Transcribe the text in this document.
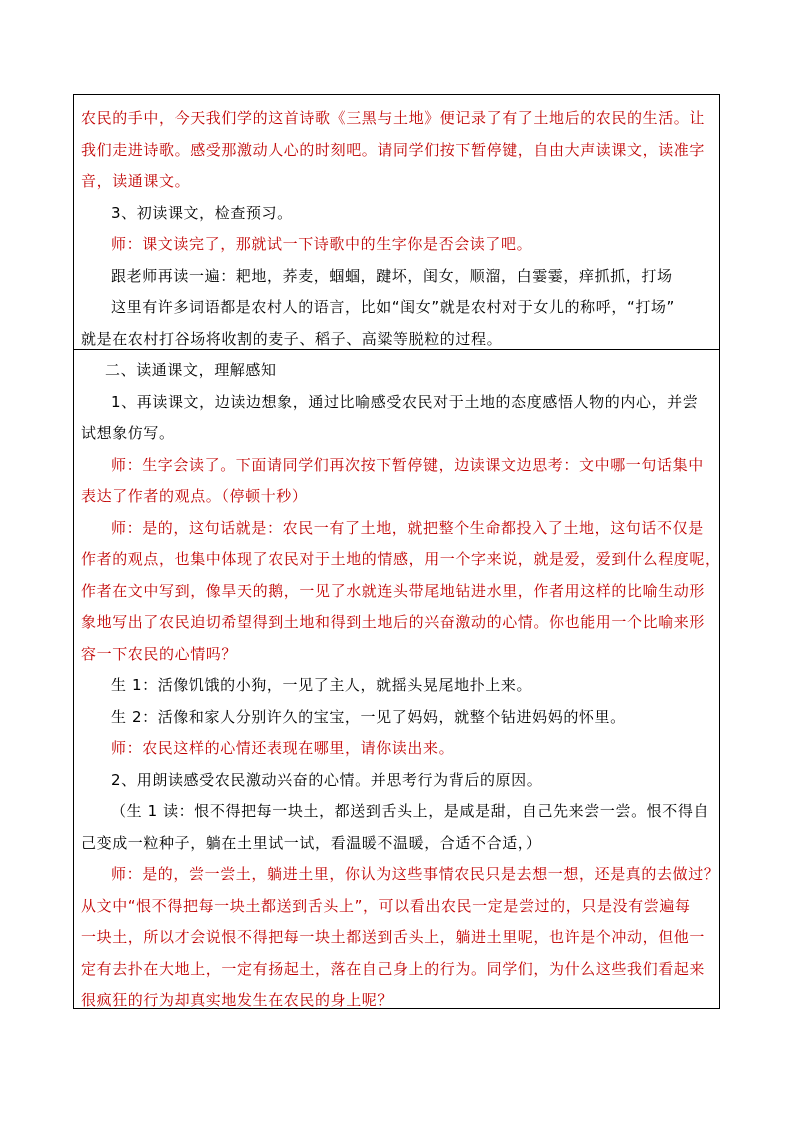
农民的手中，今天我们学的这首诗歌《三黑与土地》便记录了有了土地后的农民的生活。让
我们走进诗歌。感受那激动人心的时刻吧。请同学们按下暂停键，自由大声读课文，读准字
音，读通课文。
3、初读课文，检查预习。
师：课文读完了，那就试一下诗歌中的生字你是否会读了吧。
跟老师再读一遍：耙地，荞麦，蝈蝈，踺坏，闺女，顺溜，白霎霎，痒抓抓，打场
这里有许多词语都是农村人的语言，比如“闺女”就是农村对于女儿的称呼，“打场”
就是在农村打谷场将收割的麦子、稻子、高粱等脱粒的过程。
二、读通课文，理解感知
1、再读课文，边读边想象，通过比喻感受农民对于土地的态度感悟人物的内心，并尝
试想象仿写。
师：生字会读了。下面请同学们再次按下暂停键，边读课文边思考：文中哪一句话集中
表达了作者的观点。（停顿十秒）
师：是的，这句话就是：农民一有了土地，就把整个生命都投入了土地，这句话不仅是
作者的观点，也集中体现了农民对于土地的情感，用一个字来说，就是爱，爱到什么程度呢，
作者在文中写到，像旱天的鹅，一见了水就连头带尾地钻进水里，作者用这样的比喻生动形
象地写出了农民迫切希望得到土地和得到土地后的兴奋激动的心情。你也能用一个比喻来形
容一下农民的心情吗？
生 1：活像饥饿的小狗，一见了主人，就摇头晃尾地扑上来。
生 2：活像和家人分别许久的宝宝，一见了妈妈，就整个钻进妈妈的怀里。
师：农民这样的心情还表现在哪里，请你读出来。
2、用朗读感受农民激动兴奋的心情。并思考行为背后的原因。
（生 1 读：恨不得把每一块土，都送到舌头上，是咸是甜，自己先来尝一尝。恨不得自
己变成一粒种子，躺在土里试一试，看温暖不温暖，合适不合适，）
师：是的，尝一尝土，躺进土里，你认为这些事情农民只是去想一想，还是真的去做过？
从文中“恨不得把每一块土都送到舌头上”，可以看出农民一定是尝过的，只是没有尝遍每
一块土，所以才会说恨不得把每一块土都送到舌头上，躺进土里呢，也许是个冲动，但他一
定有去扑在大地上，一定有扬起土，落在自己身上的行为。同学们，为什么这些我们看起来
很疯狂的行为却真实地发生在农民的身上呢？
